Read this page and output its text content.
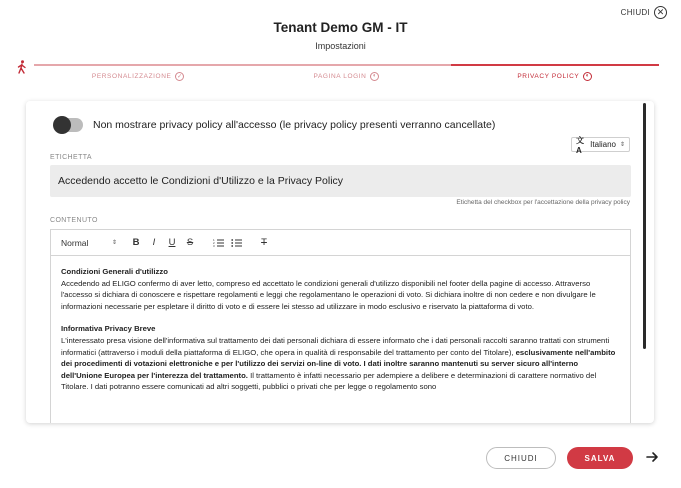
CHIUDI ✕
Tenant Demo GM - IT
Impostazioni
PERSONALIZZAZIONE ✓	PAGINA LOGIN	◐	PRIVACY POLICY	◐
Non mostrare privacy policy all'accesso (le privacy policy presenti verranno cancellate)
文A
Italiano ⇕
ETICHETTA
Accedendo accetto le Condizioni d'Utilizzo e la Privacy Policy
Etichetta del checkbox per l'accettazione della privacy policy
CONTENUTO
Normal	⇕	B	I	U	S	1
2
3	T

Condizioni Generali d'utilizzo
Accedendo ad ELIGO confermo di aver letto, compreso ed accettato le condizioni generali d'utilizzo disponibili nel footer della pagine di accesso. Attraverso l'accesso si dichiara di conoscere e rispettare regolamenti e leggi che regolamentano le operazioni di voto. Si dichiara inoltre di non cedere e non divulgare le informazioni necessarie per espletare il diritto di voto e di essere lei stesso ad utilizzare in modo esclusivo e riservato la piattaforma di voto.

Informativa Privacy Breve
L'interessato presa visione dell'informativa sul trattamento dei dati personali dichiara di essere informato che i dati personali raccolti saranno trattati con strumenti informatici (attraverso i moduli della piattaforma di ELIGO, che opera in qualità di responsabile del trattamento per conto del Titolare), esclusivamente nell'ambito dei procedimenti di votazioni elettroniche e per l'utilizzo dei servizi on-line di voto. I dati inoltre saranno mantenuti su server sicuro all'interno dell'Unione Europea per l'interezza del trattamento. Il trattamento è infatti necessario per adempiere a delibere e determinazioni di carattere normativo del Titolare. I dati potranno essere comunicati ad altri soggetti, pubblici o privati che per legge o regolamento sono

CHIUDI	SALVA
